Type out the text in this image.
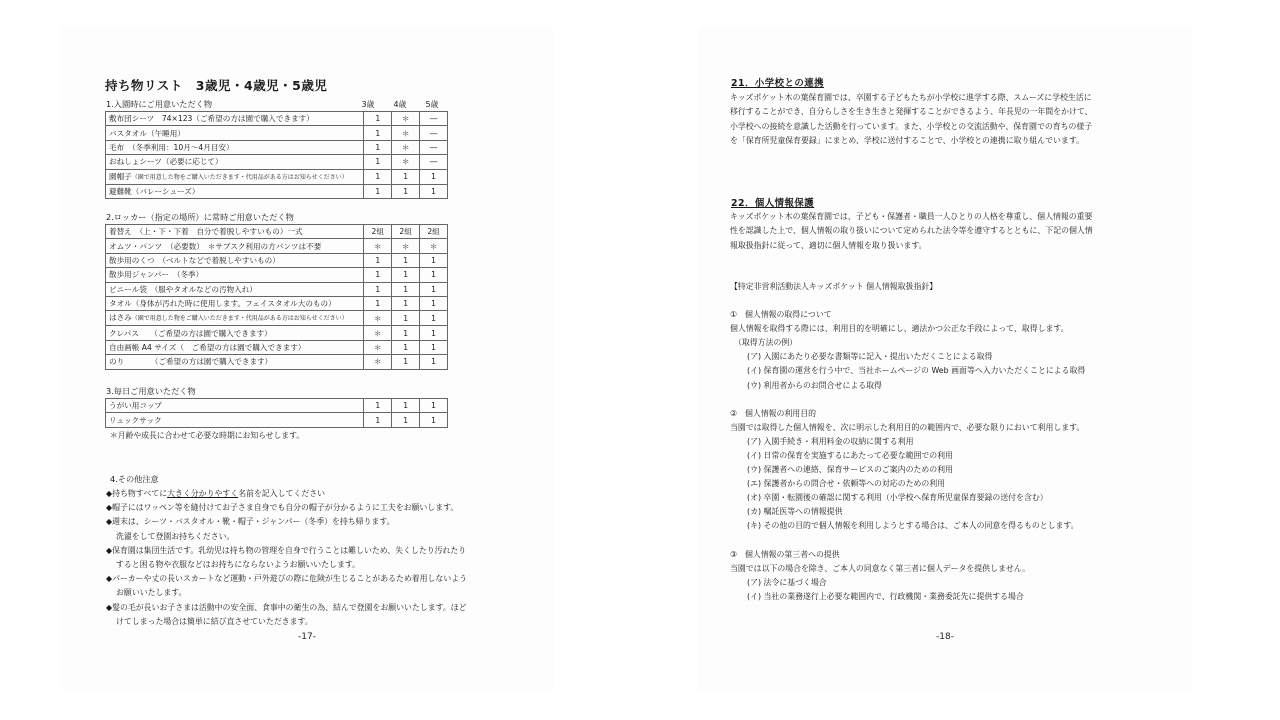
持ち物リスト　3歳児・4歳児・5歳児
1.入園時にご用意いただく物	3歳	4歳	5歳
敷布団シーツ　74×123（ご希望の方は園で購入できます）	1	＊	―
バスタオル（午睡用）	1	＊	―
毛布　（冬季利用：10月～4月目安）	1	＊	―
おねしょシーツ（必要に応じて）	1	＊	―
園帽子（園で用意した物をご購入いただきます・代用品がある方はお知らせください）	1	1	1
避難靴（バレーシューズ）	1	1	1
2.ロッカー（指定の場所）に常時ご用意いただく物
着替え　（上・下・下着　自分で着脱しやすいもの）一式	2組	2組	2組
オムツ・パンツ　（必要数）　＊サブスク利用の方パンツは不要	＊	＊	＊
散歩用のくつ　（ベルトなどで着脱しやすいもの）	1	1	1
散歩用ジャンパー　（冬季）	1	1	1
ビニール袋　（服やタオルなどの汚物入れ）	1	1	1
タオル（身体が汚れた時に使用します。フェイスタオル大のもの）	1	1	1
はさみ（園で用意した物をご購入いただきます・代用品がある方はお知らせください）	＊	1	1
クレパス　　（ご希望の方は園で購入できます）	＊	1	1
自由画帳 A4 サイズ（　ご希望の方は園で購入できます）	＊	1	1
のり　　　　（ご希望の方は園で購入できます）	＊	1	1
3.毎日ご用意いただく物
うがい用コップ	1	1	1
リュックサック	1	1	1
＊月齢や成長に合わせて必要な時期にお知らせします。
4.その他注意
◆持ち物すべてに大きく分かりやすく名前を記入してください
◆帽子にはワッペン等を縫付けてお子さま自身でも自分の帽子が分かるように工夫をお願いします。
◆週末は、シーツ・バスタオル・靴・帽子・ジャンパー（冬季）を持ち帰ります。
洗濯をして登園お持ちください。
◆保育園は集団生活です。乳幼児は持ち物の管理を自身で行うことは難しいため、失くしたり汚れたり
すると困る物や衣服などはお持ちにならないようお願いいたします。
◆パーカーや丈の長いスカートなど運動・戸外遊びの際に危険が生じることがあるため着用しないよう
お願いいたします。
◆髪の毛が長いお子さまは活動中の安全面、食事中の衛生の為、結んで登園をお願いいたします。ほど
けてしまった場合は簡単に結び直させていただきます。
-17-
21．小学校との連携
キッズポケット木の葉保育園では、卒園する子どもたちが小学校に進学する際、スムーズに学校生活に
移行することができ、自分らしさを生き生きと発揮することができるよう、年長児の一年間をかけて、
小学校への接続を意識した活動を行っています。また、小学校との交流活動や、保育園での育ちの様子
を「保育所児童保育要録」にまとめ、学校に送付することで、小学校との連携に取り組んでいます。
22．個人情報保護
キッズポケット木の葉保育園では、子ども・保護者・職員一人ひとりの人格を尊重し、個人情報の重要
性を認識した上で、個人情報の取り扱いについて定められた法令等を遵守するとともに、下記の個人情
報取扱指針に従って、適切に個人情報を取り扱います。
【特定非営利活動法人キッズポケット 個人情報取扱指針】
①　個人情報の取得について
個人情報を取得する際には、利用目的を明確にし、適法かつ公正な手段によって、取得します。
（取得方法の例）
(ア) 入園にあたり必要な書類等に記入・提出いただくことによる取得
(イ) 保育園の運営を行う中で、当社ホームページの Web 画面等へ入力いただくことによる取得
(ウ) 利用者からのお問合せによる取得
②　個人情報の利用目的
当園では取得した個人情報を、次に明示した利用目的の範囲内で、必要な限りにおいて利用します。
(ア) 入園手続き・利用料金の収納に関する利用
(イ) 日常の保育を実施するにあたって必要な範囲での利用
(ウ) 保護者への連絡、保育サービスのご案内のための利用
(エ) 保護者からの問合せ・依頼等への対応のための利用
(オ) 卒園・転園後の確認に関する利用（小学校へ保育所児童保育要録の送付を含む）
(カ) 嘱託医等への情報提供
(キ) その他の目的で個人情報を利用しようとする場合は、ご本人の同意を得るものとします。
③　個人情報の第三者への提供
当園では以下の場合を除き、ご本人の同意なく第三者に個人データを提供しません。
(ア) 法令に基づく場合
(イ) 当社の業務遂行上必要な範囲内で、行政機関・業務委託先に提供する場合
-18-
